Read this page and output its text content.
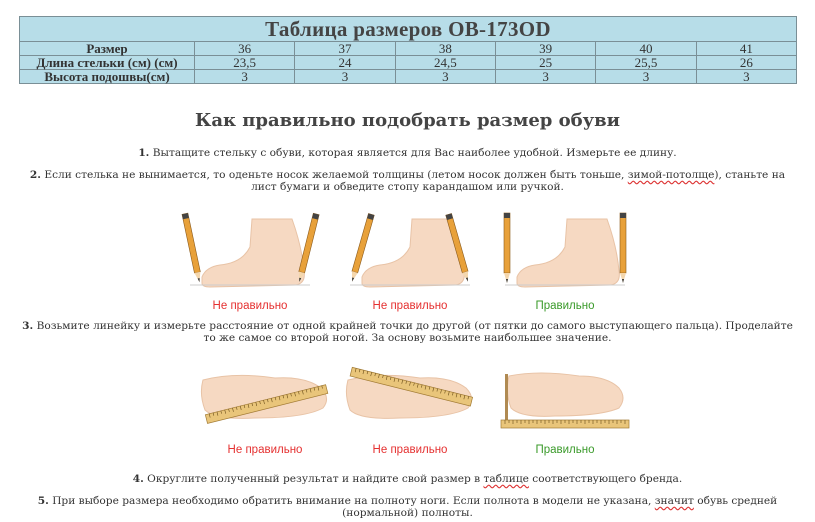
Таблица размеров OB-173OD						
Размер	36	37	38	39	40	41
Длина стельки (см) (см)	23,5	24	24,5	25	25,5	26
Высота подошвы(см)	3	3	3	3	3	3
Как правильно подобрать размер обуви

1. Вытащите стельку с обуви, которая является для Вас наиболее удобной. Измерьте ее длину.

2. Если стелька не вынимается, то оденьте носок желаемой толщины (летом носок должен быть тоньше, зимой-потолще), станьте на лист бумаги и обведите стопу карандашом или ручкой.

Не правильно	Не правильно	Правильно

3. Возьмите линейку и измерьте расстояние от одной крайней точки до другой (от пятки до самого выступающего пальца). Проделайте то же самое со второй ногой. За основу возьмите наибольшее значение.

Не правильно	Не правильно	Правильно

4. Округлите полученный результат и найдите свой размер в таблице соответствующего бренда.

5. При выборе размера необходимо обратить внимание на полноту ноги. Если полнота в модели не указана, значит обувь средней (нормальной) полноты.
